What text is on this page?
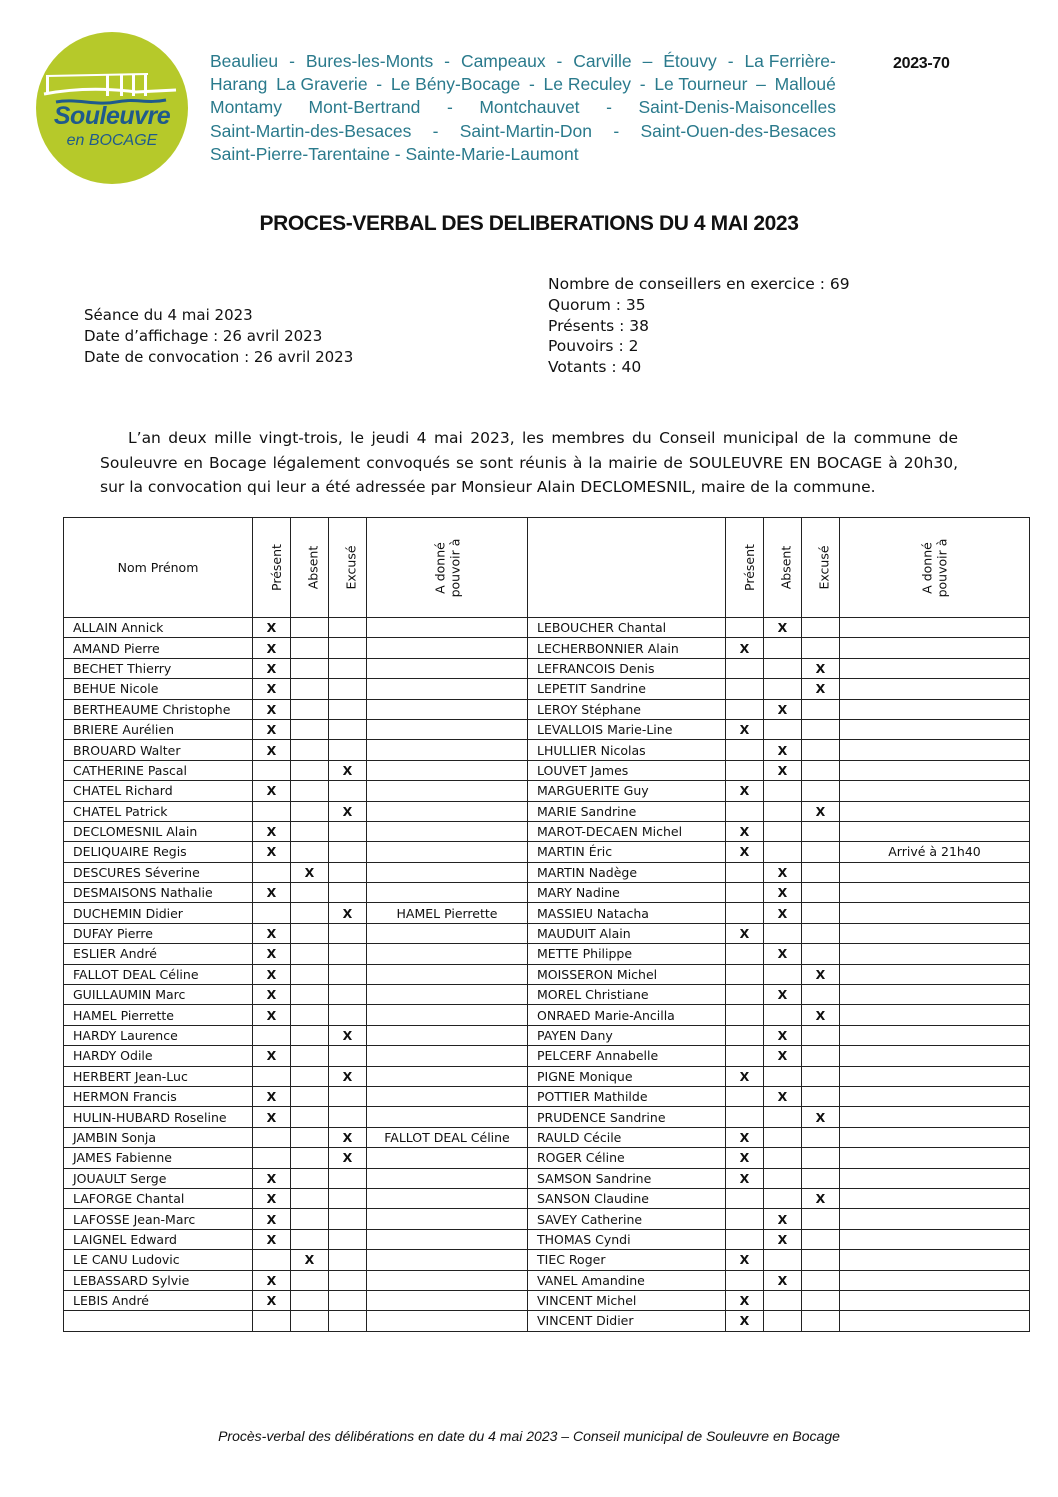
Souleuvre
en BOCAGE
Beaulieu - Bures-les-Monts - Campeaux - Carville – Étouvy - La Ferrière-
Harang La Graverie - Le Bény-Bocage - Le Reculey - Le Tourneur – Malloué
Montamy Mont-Bertrand - Montchauvet - Saint-Denis-Maisoncelles
Saint-Martin-des-Besaces - Saint-Martin-Don - Saint-Ouen-des-Besaces
Saint-Pierre-Tarentaine - Sainte-Marie-Laumont
2023-70
PROCES-VERBAL DES DELIBERATIONS DU 4 MAI 2023
Séance du 4 mai 2023
Date d’affichage : 26 avril 2023
Date de convocation : 26 avril 2023
Nombre de conseillers en exercice : 69
Quorum : 35
Présents : 38
Pouvoirs : 2
Votants : 40
L’an deux mille vingt-trois, le jeudi 4 mai 2023, les membres du Conseil municipal de la commune de Souleuvre en Bocage légalement convoqués se sont réunis à la mairie de SOULEUVRE EN BOCAGE à 20h30, sur la convocation qui leur a été adressée par Monsieur Alain DECLOMESNIL, maire de la commune.
Nom Prénom	Présent	Absent	Excusé	A donné
pouvoir à		Présent	Absent	Excusé	A donné
pouvoir à
ALLAIN Annick	X				LEBOUCHER Chantal		X		
AMAND Pierre	X				LECHERBONNIER Alain	X			
BECHET Thierry	X				LEFRANCOIS Denis			X	
BEHUE Nicole	X				LEPETIT Sandrine			X	
BERTHEAUME Christophe	X				LEROY Stéphane		X		
BRIERE Aurélien	X				LEVALLOIS Marie-Line	X			
BROUARD Walter	X				LHULLIER Nicolas		X		
CATHERINE Pascal			X		LOUVET James		X		
CHATEL Richard	X				MARGUERITE Guy	X			
CHATEL Patrick			X		MARIE Sandrine			X	
DECLOMESNIL Alain	X				MAROT-DECAEN Michel	X			
DELIQUAIRE Regis	X				MARTIN Éric	X			Arrivé à 21h40
DESCURES Séverine		X			MARTIN Nadège		X		
DESMAISONS Nathalie	X				MARY Nadine		X		
DUCHEMIN Didier			X	HAMEL Pierrette	MASSIEU Natacha		X		
DUFAY Pierre	X				MAUDUIT Alain	X			
ESLIER André	X				METTE Philippe		X		
FALLOT DEAL Céline	X				MOISSERON Michel			X	
GUILLAUMIN Marc	X				MOREL Christiane		X		
HAMEL Pierrette	X				ONRAED Marie-Ancilla			X	
HARDY Laurence			X		PAYEN Dany		X		
HARDY Odile	X				PELCERF Annabelle		X		
HERBERT Jean-Luc			X		PIGNE Monique	X			
HERMON Francis	X				POTTIER Mathilde		X		
HULIN-HUBARD Roseline	X				PRUDENCE Sandrine			X	
JAMBIN Sonja			X	FALLOT DEAL Céline	RAULD Cécile	X			
JAMES Fabienne			X		ROGER Céline	X			
JOUAULT Serge	X				SAMSON Sandrine	X			
LAFORGE Chantal	X				SANSON Claudine			X	
LAFOSSE Jean-Marc	X				SAVEY Catherine		X		
LAIGNEL Edward	X				THOMAS Cyndi		X		
LE CANU Ludovic		X			TIEC Roger	X			
LEBASSARD Sylvie	X				VANEL Amandine		X		
LEBIS André	X				VINCENT Michel	X			
					VINCENT Didier	X			
Procès-verbal des délibérations en date du 4 mai 2023 – Conseil municipal de Souleuvre en Bocage
